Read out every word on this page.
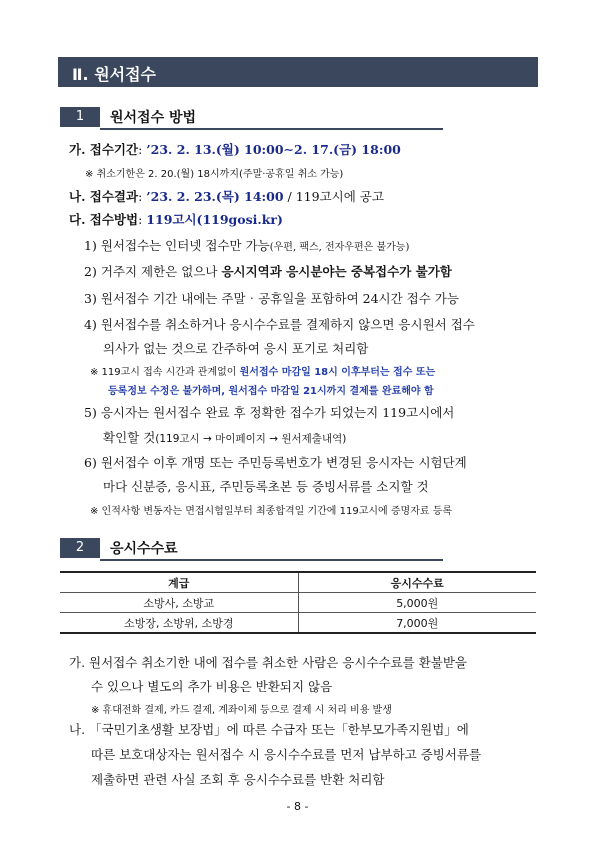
Ⅱ. 원서접수
1	원서접수 방법
가. 접수기간: ’23. 2. 13.(월) 10:00∼2. 17.(금) 18:00
※ 취소기한은 2. 20.(월) 18시까지(주말‧공휴일 취소 가능)
나. 접수결과: ’23. 2. 23.(목) 14:00 / 119고시에 공고
다. 접수방법: 119고시(119gosi.kr)
1) 원서접수는 인터넷 접수만 가능(우편, 팩스, 전자우편은 불가능)
2) 거주지 제한은 없으나 응시지역과 응시분야는 중복접수가 불가함
3) 원서접수 기간 내에는 주말‧공휴일을 포함하여 24시간 접수 가능
4) 원서접수를 취소하거나 응시수수료를 결제하지 않으면 응시원서 접수
의사가 없는 것으로 간주하여 응시 포기로 처리함
※ 119고시 접속 시간과 관계없이 원서접수 마감일 18시 이후부터는 접수 또는
등록정보 수정은 불가하며, 원서접수 마감일 21시까지 결제를 완료해야 함
5) 응시자는 원서접수 완료 후 정확한 접수가 되었는지 119고시에서
확인할 것(119고시 → 마이페이지 → 원서제출내역)
6) 원서접수 이후 개명 또는 주민등록번호가 변경된 응시자는 시험단계
마다 신분증, 응시표, 주민등록초본 등 증빙서류를 소지할 것
※ 인적사항 변동자는 면접시험일부터 최종합격일 기간에 119고시에 증명자료 등록
2	응시수수료
계급	응시수수료
소방사, 소방교	5,000원
소방장, 소방위, 소방경	7,000원
가. 원서접수 취소기한 내에 접수를 취소한 사람은 응시수수료를 환불받을
수 있으나 별도의 추가 비용은 반환되지 않음
※ 휴대전화 결제, 카드 결제, 계좌이체 등으로 결제 시 처리 비용 발생
나. 「국민기초생활 보장법」에 따른 수급자 또는「한부모가족지원법」에
따른 보호대상자는 원서접수 시 응시수수료를 먼저 납부하고 증빙서류를
제출하면 관련 사실 조회 후 응시수수료를 반환 처리함
- 8 -
